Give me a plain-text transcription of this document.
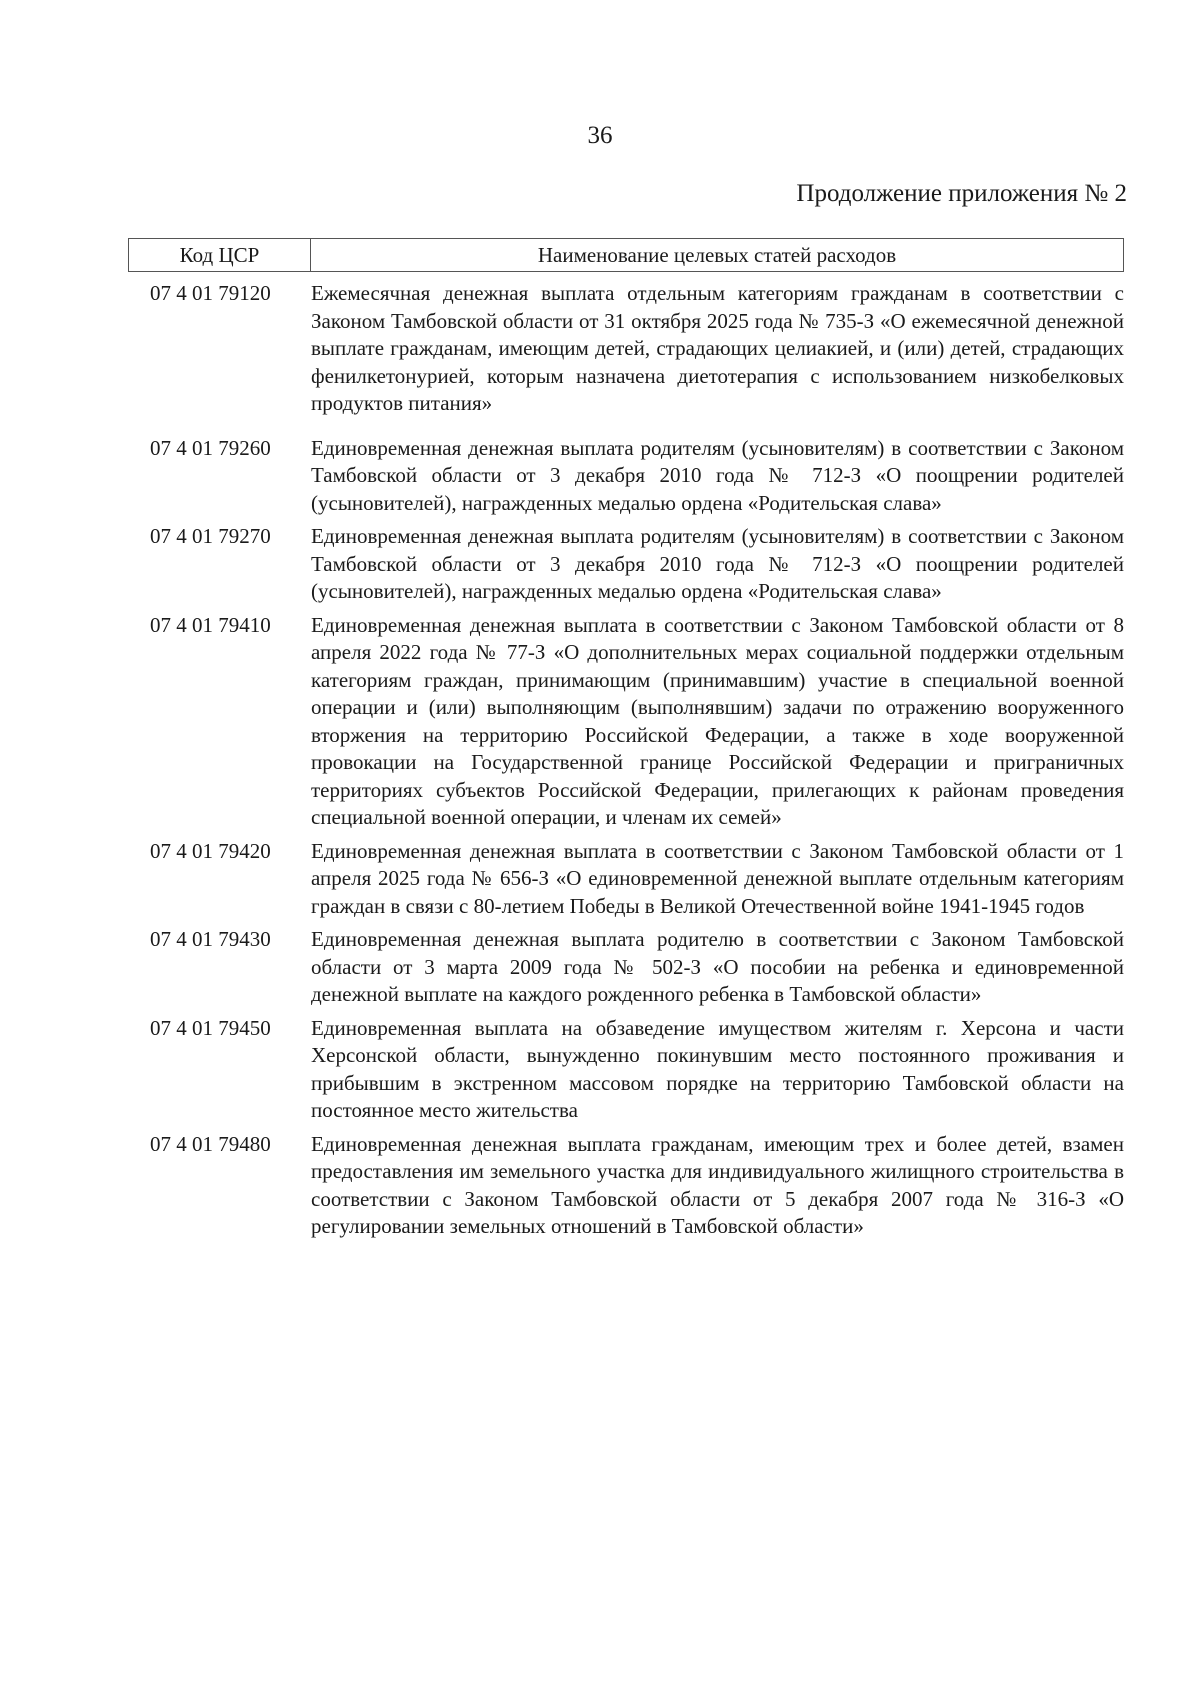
36
Продолжение приложения № 2
Код ЦСР	Наименование целевых статей расходов
07 4 01 79120	Ежемесячная денежная выплата отдельным категориям гражданам в соответствии с Законом Тамбовской области от 31 октября 2025 года № 735-З «О ежемесячной денежной выплате гражданам, имеющим детей, страдающих целиакией, и (или) детей, страдающих фенилкетонурией, которым назначена диетотерапия с использованием низкобелковых продуктов питания»
07 4 01 79260	Единовременная денежная выплата родителям (усыновителям) в соответствии с Законом Тамбовской области от 3 декабря 2010 года № 712-З «О поощрении родителей (усыновителей), награжденных медалью ордена «Родительская слава»
07 4 01 79270	Единовременная денежная выплата родителям (усыновителям) в соответствии с Законом Тамбовской области от 3 декабря 2010 года № 712-З «О поощрении родителей (усыновителей), награжденных медалью ордена «Родительская слава»
07 4 01 79410	Единовременная денежная выплата в соответствии с Законом Тамбовской области от 8 апреля 2022 года № 77-З «О дополнительных мерах социальной поддержки отдельным категориям граждан, принимающим (принимавшим) участие в специальной военной операции и (или) выполняющим (выполнявшим) задачи по отражению вооруженного вторжения на территорию Российской Федерации, а также в ходе вооруженной провокации на Государственной границе Российской Федерации и приграничных территориях субъектов Российской Федерации, прилегающих к районам проведения специальной военной операции, и членам их семей»
07 4 01 79420	Единовременная денежная выплата в соответствии с Законом Тамбовской области от 1 апреля 2025 года № 656-З «О единовременной денежной выплате отдельным категориям граждан в связи с 80-летием Победы в Великой Отечественной войне 1941-1945 годов
07 4 01 79430	Единовременная денежная выплата родителю в соответствии с Законом Тамбовской области от 3 марта 2009 года № 502-З «О пособии на ребенка и единовременной денежной выплате на каждого рожденного ребенка в Тамбовской области»
07 4 01 79450	Единовременная выплата на обзаведение имуществом жителям г. Херсона и части Херсонской области, вынужденно покинувшим место постоянного проживания и прибывшим в экстренном массовом порядке на территорию Тамбовской области на постоянное место жительства
07 4 01 79480	Единовременная денежная выплата гражданам, имеющим трех и более детей, взамен предоставления им земельного участка для индивидуального жилищного строительства в соответствии с Законом Тамбовской области от 5 декабря 2007 года № 316-З «О регулировании земельных отношений в Тамбовской области»
